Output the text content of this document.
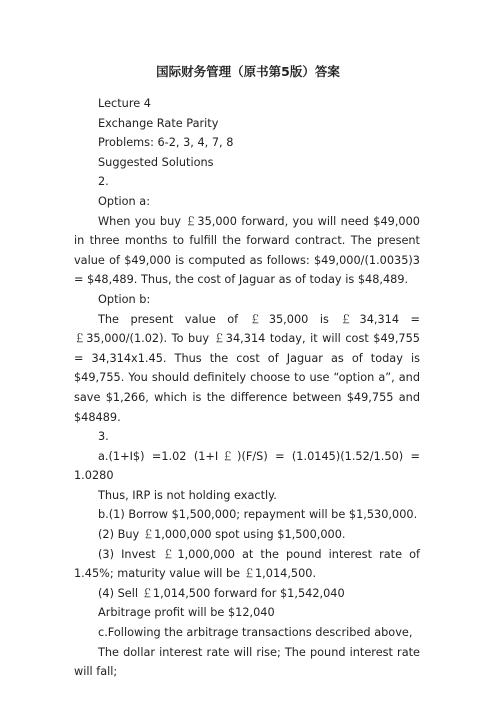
国际财务管理（原书第5版）答案

Lecture 4

Exchange Rate Parity

Problems: 6-2, 3, 4, 7, 8

Suggested Solutions

2.

Option a:

When you buy ￡35,000 forward, you will need $49,000 in three months to fulfill the forward contract. The present value of $49,000 is computed as follows: $49,000/(1.0035)3 = $48,489. Thus, the cost of Jaguar as of today is $48,489.

Option b:

The present value of ￡35,000 is ￡34,314 = ￡35,000/(1.02). To buy ￡34,314 today, it will cost $49,755 = 34,314x1.45. Thus the cost of Jaguar as of today is $49,755. You should definitely choose to use “option a”, and save $1,266, which is the difference between $49,755 and $48489.

3.

a.(1+I$) =1.02 (1+I￡)(F/S) = (1.0145)(1.52/1.50) = 1.0280

Thus, IRP is not holding exactly.

b.(1) Borrow $1,500,000; repayment will be $1,530,000.

(2) Buy ￡1,000,000 spot using $1,500,000.

(3) Invest ￡1,000,000 at the pound interest rate of 1.45%; maturity value will be ￡1,014,500.

(4) Sell ￡1,014,500 forward for $1,542,040

Arbitrage profit will be $12,040

c.Following the arbitrage transactions described above,

The dollar interest rate will rise; The pound interest rate will fall;
